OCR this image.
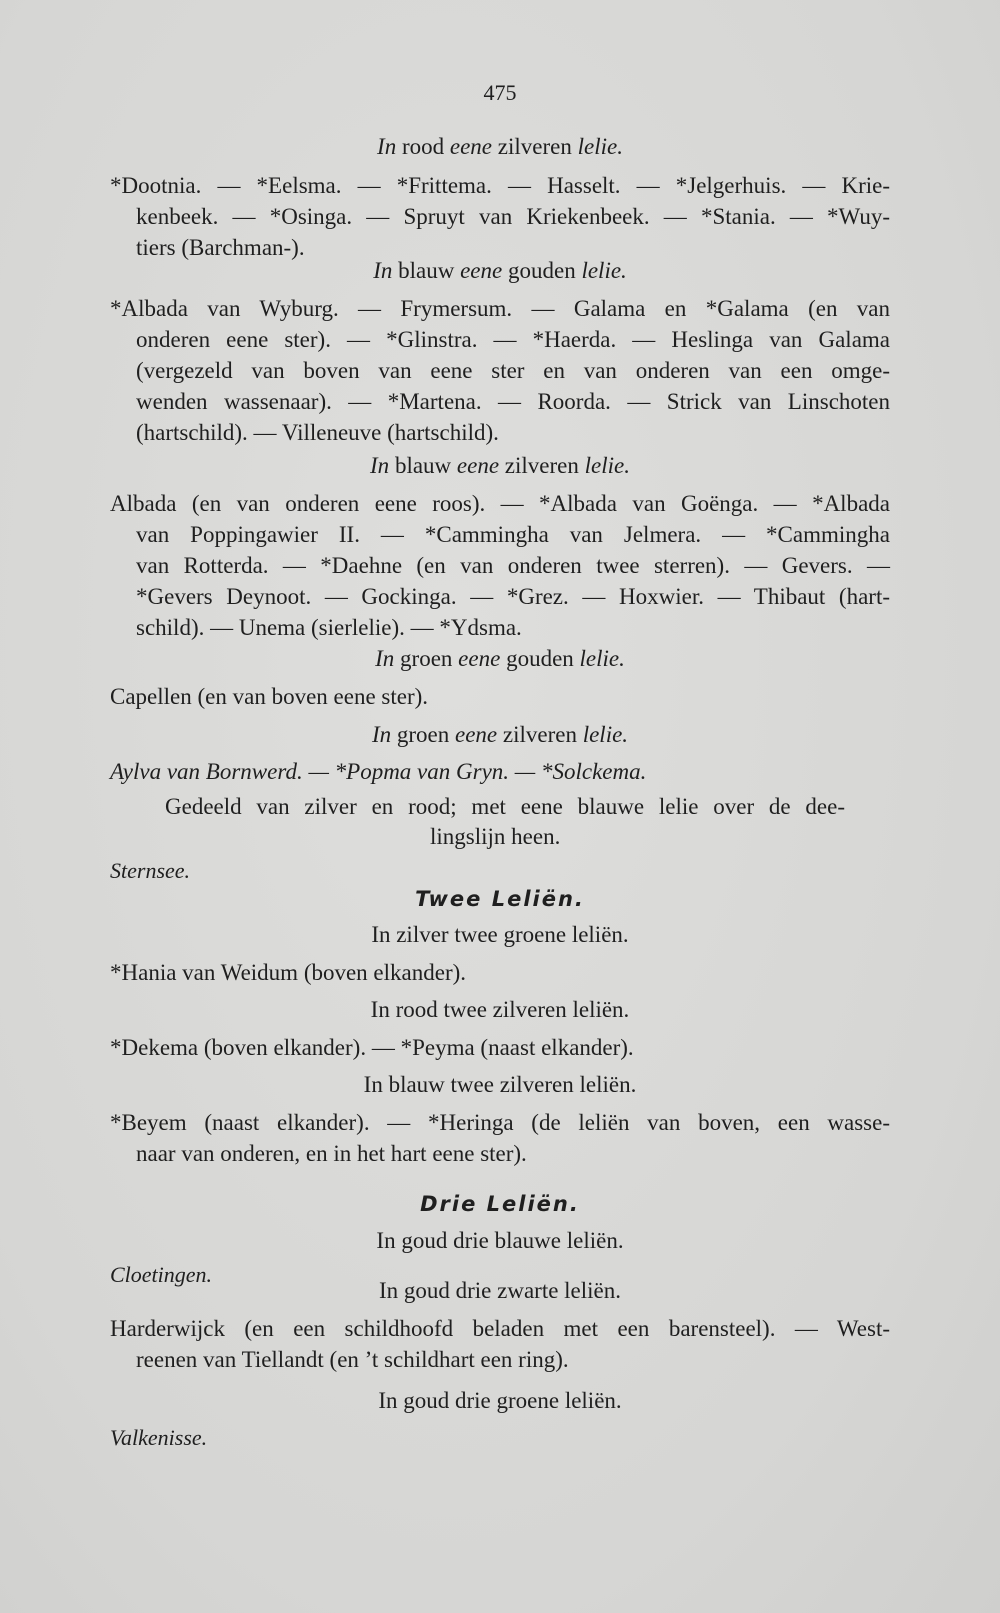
475
In rood eene zilveren lelie.
*Dootnia. — *Eelsma. — *Frittema. — Hasselt. — *Jelgerhuis. — Krie-
kenbeek. — *Osinga. — Spruyt van Kriekenbeek. — *Stania. — *Wuy-
tiers (Barchman-).
In blauw eene gouden lelie.
*Albada van Wyburg. — Frymersum. — Galama en *Galama (en van
onderen eene ster). — *Glinstra. — *Haerda. — Heslinga van Galama
(vergezeld van boven van eene ster en van onderen van een omge-
wenden wassenaar). — *Martena. — Roorda. — Strick van Linschoten
(hartschild). — Villeneuve (hartschild).
In blauw eene zilveren lelie.
Albada (en van onderen eene roos). — *Albada van Goënga. — *Albada
van Poppingawier II. — *Cammingha van Jelmera. — *Cammingha
van Rotterda. — *Daehne (en van onderen twee sterren). — Gevers. —
*Gevers Deynoot. — Gockinga. — *Grez. — Hoxwier. — Thibaut (hart-
schild). — Unema (sierlelie). — *Ydsma.
In groen eene gouden lelie.
Capellen (en van boven eene ster).
In groen eene zilveren lelie.
Aylva van Bornwerd. — *Popma van Gryn. — *Solckema.
Gedeeld van zilver en rood; met eene blauwe lelie over de dee-
lingslijn heen.
Sternsee.
Twee Leliën.
In zilver twee groene leliën.
*Hania van Weidum (boven elkander).
In rood twee zilveren leliën.
*Dekema (boven elkander). — *Peyma (naast elkander).
In blauw twee zilveren leliën.
*Beyem (naast elkander). — *Heringa (de leliën van boven, een wasse-
naar van onderen, en in het hart eene ster).
Drie Leliën.
In goud drie blauwe leliën.
Cloetingen.
In goud drie zwarte leliën.
Harderwijck (en een schildhoofd beladen met een barensteel). — West-
reenen van Tiellandt (en ’t schildhart een ring).
In goud drie groene leliën.
Valkenisse.
